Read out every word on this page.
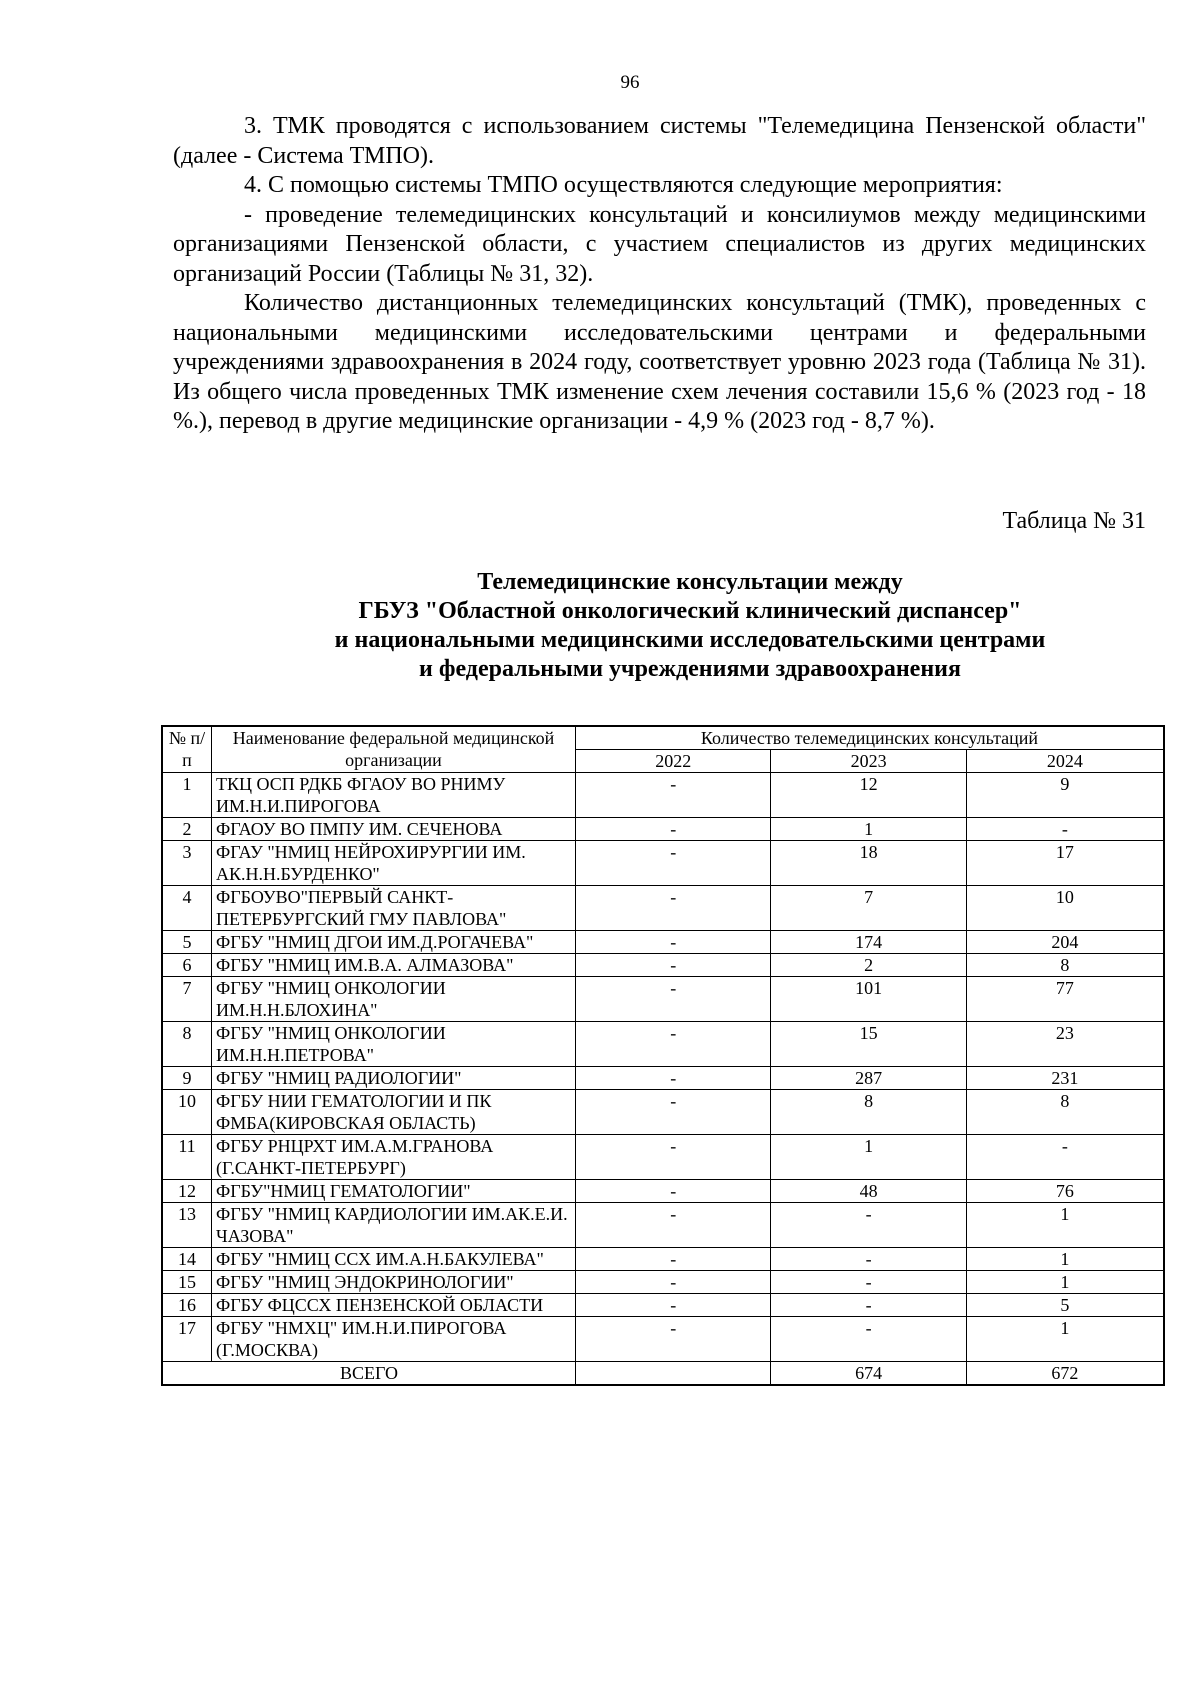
96

3. ТМК проводятся с использованием системы "Телемедицина Пензенской области" (далее - Система ТМПО).

4. С помощью системы ТМПО осуществляются следующие мероприятия:

- проведение телемедицинских консультаций и консилиумов между медицинскими организациями Пензенской области, с участием специалистов из других медицинских организаций России (Таблицы № 31, 32).

Количество дистанционных телемедицинских консультаций (ТМК), проведенных с национальными медицинскими исследовательскими центрами и федеральными учреждениями здравоохранения в 2024 году, соответствует уровню 2023 года (Таблица № 31). Из общего числа проведенных ТМК изменение схем лечения составили 15,6 % (2023 год - 18 %.), перевод в другие медицинские организации - 4,9 % (2023 год - 8,7 %).

Таблица № 31
Телемедицинские консультации между
ГБУЗ "Областной онкологический клинический диспансер"
и национальными медицинскими исследовательскими центрами
и федеральными учреждениями здравоохранения
№ п/п	Наименование федеральной медицинской организации	Количество телемедицинских консультаций		
		2022	2023	2024
1	ТКЦ ОСП РДКБ ФГАОУ ВО РНИМУ ИМ.Н.И.ПИРОГОВА	-	12	9
2	ФГАОУ ВО ПМПУ ИМ. СЕЧЕНОВА	-	1	-
3	ФГАУ "НМИЦ НЕЙРОХИРУРГИИ ИМ. АК.Н.Н.БУРДЕНКО"	-	18	17
4	ФГБОУВО"ПЕРВЫЙ САНКТ-ПЕТЕРБУРГСКИЙ ГМУ ПАВЛОВА"	-	7	10
5	ФГБУ "НМИЦ ДГОИ ИМ.Д.РОГАЧЕВА"	-	174	204
6	ФГБУ "НМИЦ ИМ.В.А. АЛМАЗОВА"	-	2	8
7	ФГБУ "НМИЦ ОНКОЛОГИИ ИМ.Н.Н.БЛОХИНА"	-	101	77
8	ФГБУ "НМИЦ ОНКОЛОГИИ ИМ.Н.Н.ПЕТРОВА"	-	15	23
9	ФГБУ "НМИЦ РАДИОЛОГИИ"	-	287	231
10	ФГБУ НИИ ГЕМАТОЛОГИИ И ПК ФМБА(КИРОВСКАЯ ОБЛАСТЬ)	-	8	8
11	ФГБУ РНЦРХТ ИМ.А.М.ГРАНОВА (Г.САНКТ-ПЕТЕРБУРГ)	-	1	-
12	ФГБУ"НМИЦ ГЕМАТОЛОГИИ"	-	48	76
13	ФГБУ "НМИЦ КАРДИОЛОГИИ ИМ.АК.Е.И. ЧАЗОВА"	-	-	1
14	ФГБУ "НМИЦ ССХ ИМ.А.Н.БАКУЛЕВА"	-	-	1
15	ФГБУ "НМИЦ ЭНДОКРИНОЛОГИИ"	-	-	1
16	ФГБУ ФЦССХ ПЕНЗЕНСКОЙ ОБЛАСТИ	-	-	5
17	ФГБУ "НМХЦ" ИМ.Н.И.ПИРОГОВА (Г.МОСКВА)	-	-	1
ВСЕГО			674	672
